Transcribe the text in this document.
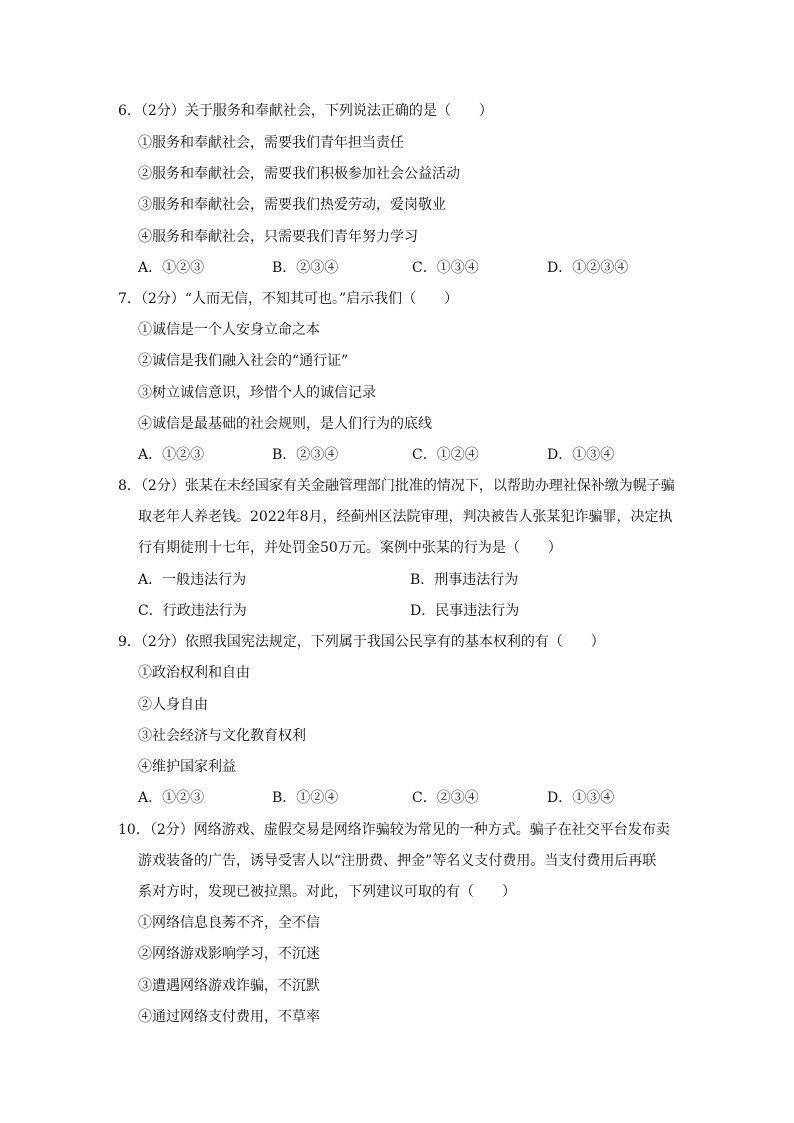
6．（2分）关于服务和奉献社会，下列说法正确的是（　　）
①服务和奉献社会，需要我们青年担当责任
②服务和奉献社会，需要我们积极参加社会公益活动
③服务和奉献社会，需要我们热爱劳动，爱岗敬业
④服务和奉献社会，只需要我们青年努力学习
A．①②③	B．②③④	C．①③④	D．①②③④
7．（2分）“人而无信，不知其可也。”启示我们（　　）
①诚信是一个人安身立命之本
②诚信是我们融入社会的“通行证”
③树立诚信意识，珍惜个人的诚信记录
④诚信是最基础的社会规则，是人们行为的底线
A．①②③	B．②③④	C．①②④	D．①③④
8．（2分）张某在未经国家有关金融管理部门批准的情况下，以帮助办理社保补缴为幌子骗
取老年人养老钱。2022年8月，经蓟州区法院审理，判决被告人张某犯诈骗罪，决定执
行有期徒刑十七年，并处罚金50万元。案例中张某的行为是（　　）
A．一般违法行为	B．刑事违法行为
C．行政违法行为	D．民事违法行为
9．（2分）依照我国宪法规定，下列属于我国公民享有的基本权利的有（　　）
①政治权利和自由
②人身自由
③社会经济与文化教育权利
④维护国家利益
A．①②③	B．①②④	C．②③④	D．①③④
10．（2分）网络游戏、虚假交易是网络诈骗较为常见的一种方式。骗子在社交平台发布卖
游戏装备的广告，诱导受害人以“注册费、押金”等名义支付费用。当支付费用后再联
系对方时，发现已被拉黑。对此，下列建议可取的有（　　）
①网络信息良莠不齐，全不信
②网络游戏影响学习，不沉迷
③遭遇网络游戏诈骗，不沉默
④通过网络支付费用，不草率
